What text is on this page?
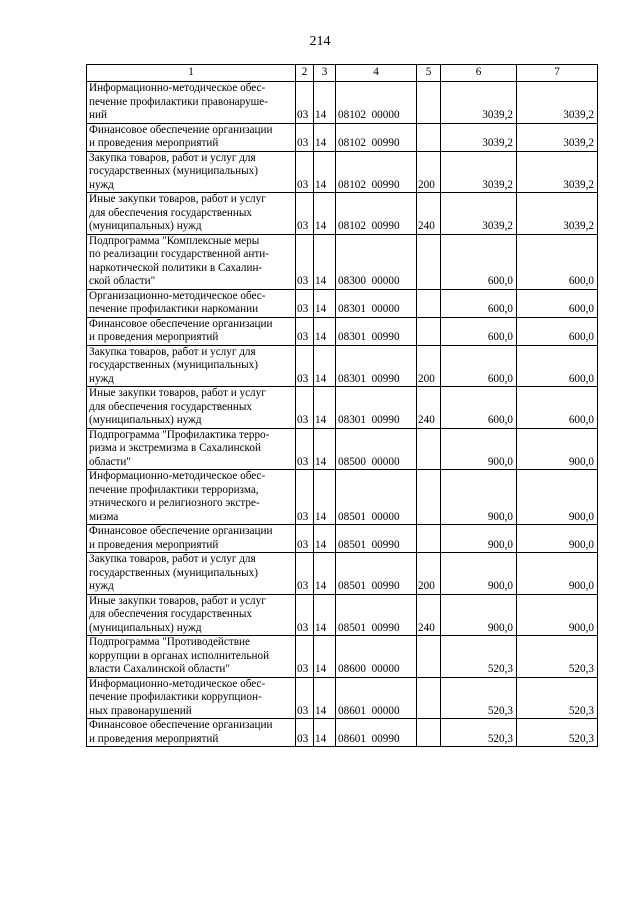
214
1	2	3	4	5	6	7
Информационно-методическое обес-
печение профилактики правонаруше-
ний	03	14	08102  00000		3039,2	3039,2
Финансовое обеспечение организации
и проведения мероприятий	03	14	08102  00990		3039,2	3039,2
Закупка товаров, работ и услуг для
государственных (муниципальных)
нужд	03	14	08102  00990	200	3039,2	3039,2
Иные закупки товаров, работ и услуг
для обеспечения государственных
(муниципальных) нужд	03	14	08102  00990	240	3039,2	3039,2
Подпрограмма "Комплексные меры
по реализации государственной анти-
наркотической политики в Сахалин-
ской области"	03	14	08300  00000		600,0	600,0
Организационно-методическое обес-
печение профилактики наркомании	03	14	08301  00000		600,0	600,0
Финансовое обеспечение организации
и проведения мероприятий	03	14	08301  00990		600,0	600,0
Закупка товаров, работ и услуг для
государственных (муниципальных)
нужд	03	14	08301  00990	200	600,0	600,0
Иные закупки товаров, работ и услуг
для обеспечения государственных
(муниципальных) нужд	03	14	08301  00990	240	600,0	600,0
Подпрограмма "Профилактика терро-
ризма и экстремизма в Сахалинской
области"	03	14	08500  00000		900,0	900,0
Информационно-методическое обес-
печение профилактики терроризма,
этнического и религиозного экстре-
мизма	03	14	08501  00000		900,0	900,0
Финансовое обеспечение организации
и проведения мероприятий	03	14	08501  00990		900,0	900,0
Закупка товаров, работ и услуг для
государственных (муниципальных)
нужд	03	14	08501  00990	200	900,0	900,0
Иные закупки товаров, работ и услуг
для обеспечения государственных
(муниципальных) нужд	03	14	08501  00990	240	900,0	900,0
Подпрограмма "Противодействие
коррупции в органах исполнительной
власти Сахалинской области"	03	14	08600  00000		520,3	520,3
Информационно-методическое обес-
печение профилактики коррупцион-
ных правонарушений	03	14	08601  00000		520,3	520,3
Финансовое обеспечение организации
и проведения мероприятий	03	14	08601  00990		520,3	520,3
